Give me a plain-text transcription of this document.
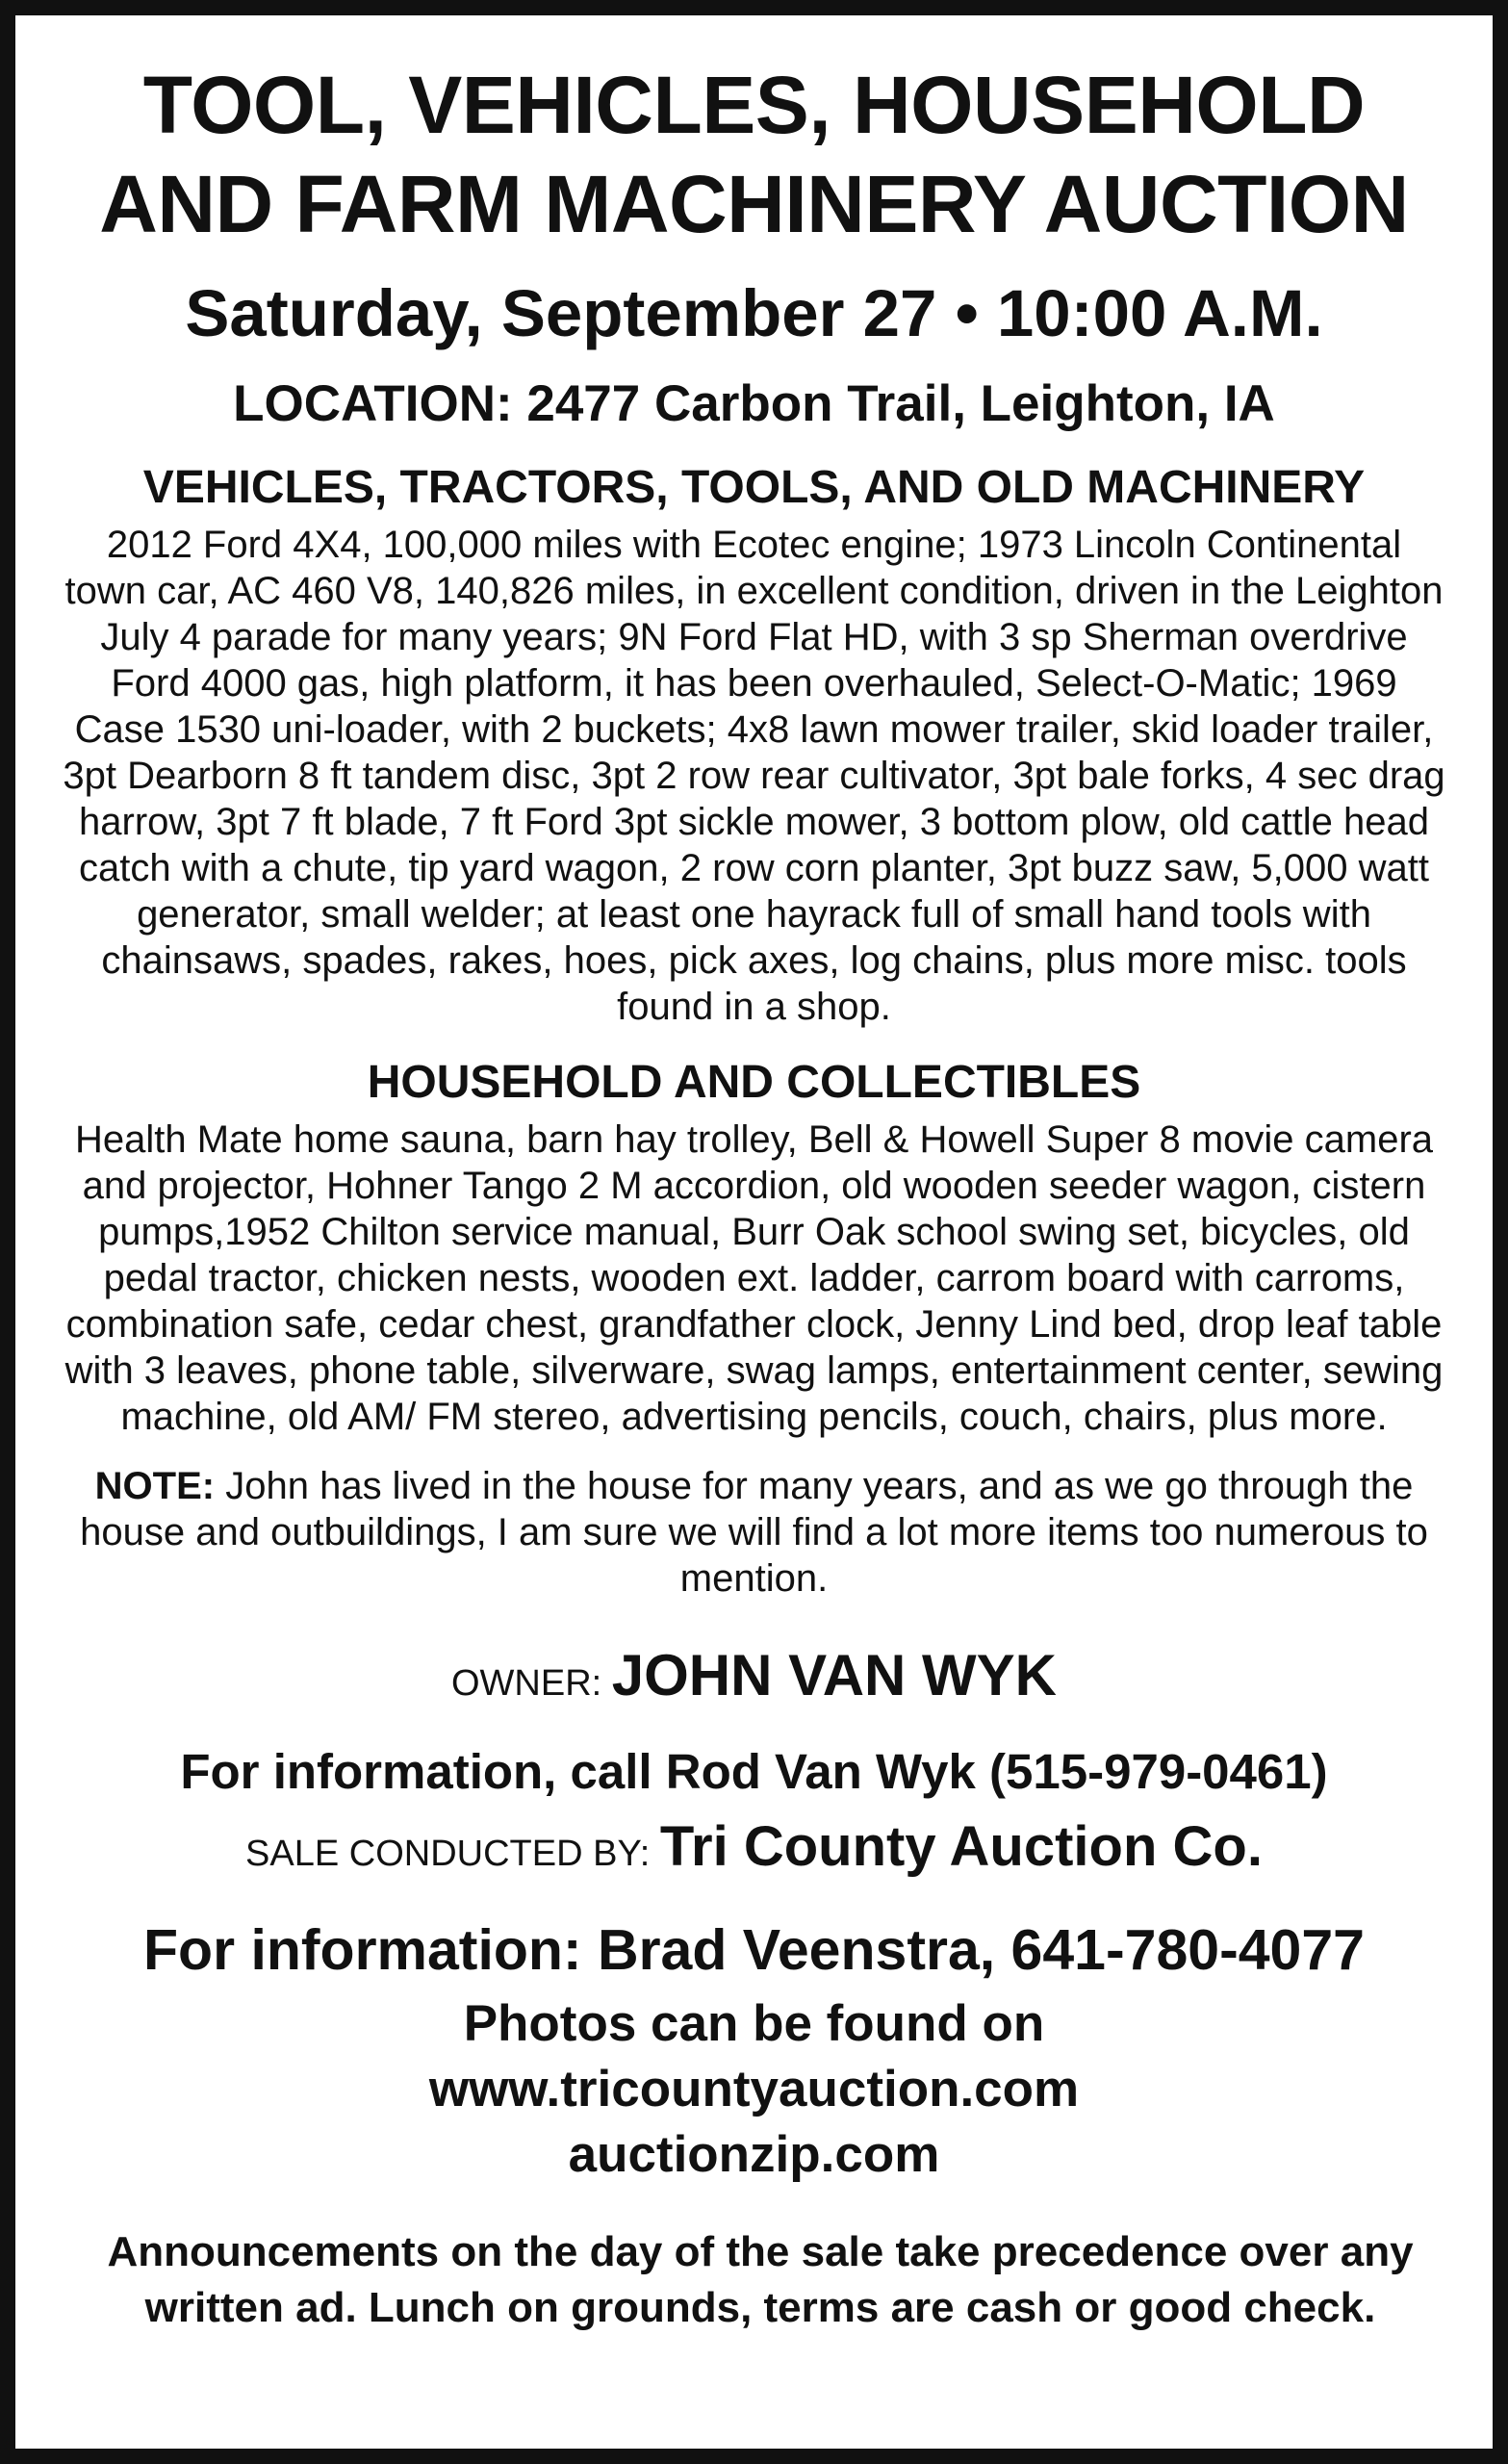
TOOL, VEHICLES, HOUSEHOLD
AND FARM MACHINERY AUCTION
Saturday, September 27 • 10:00 A.M.
LOCATION: 2477 Carbon Trail, Leighton, IA
VEHICLES, TRACTORS, TOOLS, AND OLD MACHINERY
2012 Ford 4X4, 100,000 miles with Ecotec engine; 1973 Lincoln Continental town car, AC 460 V8, 140,826 miles, in excellent condition, driven in the Leighton July 4 parade for many years; 9N Ford Flat HD, with 3 sp Sherman overdrive Ford 4000 gas, high platform, it has been overhauled, Select-O-Matic; 1969 Case 1530 uni-loader, with 2 buckets; 4x8 lawn mower trailer, skid loader trailer, 3pt Dearborn 8 ft tandem disc, 3pt 2 row rear cultivator, 3pt bale forks, 4 sec drag harrow, 3pt 7 ft blade, 7 ft Ford 3pt sickle mower, 3 bottom plow, old cattle head catch with a chute, tip yard wagon, 2 row corn planter, 3pt buzz saw, 5,000 watt generator, small welder; at least one hayrack full of small hand tools with chainsaws, spades, rakes, hoes, pick axes, log chains, plus more misc. tools found in a shop.
HOUSEHOLD AND COLLECTIBLES
Health Mate home sauna, barn hay trolley, Bell & Howell Super 8 movie camera and projector, Hohner Tango 2 M accordion, old wooden seeder wagon, cistern pumps,1952 Chilton service manual, Burr Oak school swing set, bicycles, old pedal tractor, chicken nests, wooden ext. ladder, carrom board with carroms, combination safe, cedar chest, grandfather clock, Jenny Lind bed, drop leaf table with 3 leaves, phone table, silverware, swag lamps, entertainment center, sewing machine, old AM/ FM stereo, advertising pencils, couch, chairs, plus more.
NOTE: John has lived in the house for many years, and as we go through the house and outbuildings, I am sure we will find a lot more items too numerous to mention.
OWNER: JOHN VAN WYK
For information, call Rod Van Wyk (515-979-0461)
SALE CONDUCTED BY: Tri County Auction Co.
For information: Brad Veenstra, 641-780-4077
Photos can be found on
www.tricountyauction.com
auctionzip.com
Announcements on the day of the sale take precedence over any
written ad. Lunch on grounds, terms are cash or good check.
